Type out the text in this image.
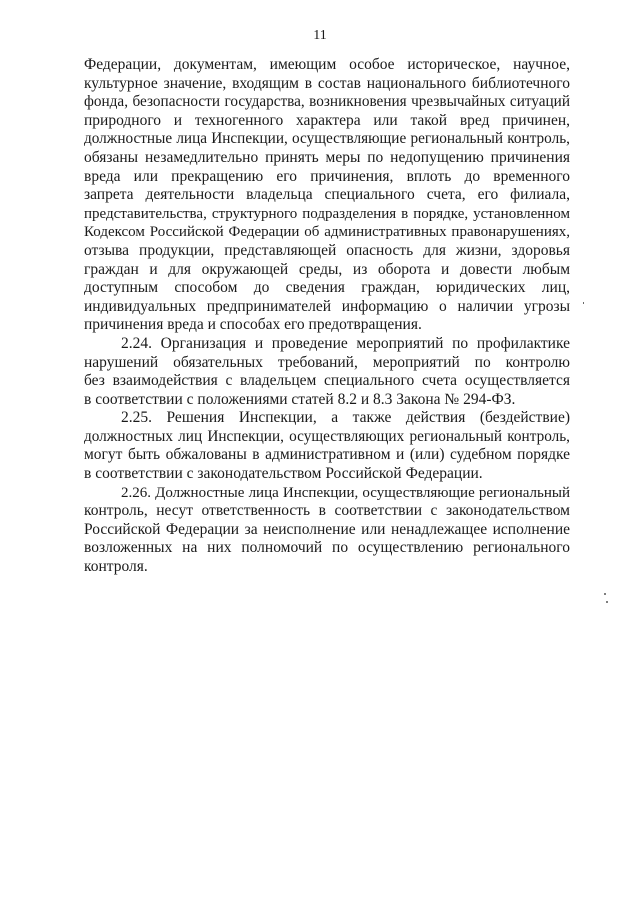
11
Федерации, документам, имеющим особое историческое, научное,
культурное значение, входящим в состав национального библиотечного
фонда, безопасности государства, возникновения чрезвычайных ситуаций
природного и техногенного характера или такой вред причинен,
должностные лица Инспекции, осуществляющие региональный контроль,
обязаны незамедлительно принять меры по недопущению причинения
вреда или прекращению его причинения, вплоть до временного
запрета деятельности владельца специального счета, его филиала,
представительства, структурного подразделения в порядке, установленном
Кодексом Российской Федерации об административных правонарушениях,
отзыва продукции, представляющей опасность для жизни, здоровья
граждан и для окружающей среды, из оборота и довести любым
доступным способом до сведения граждан, юридических лиц,
индивидуальных предпринимателей информацию о наличии угрозы
причинения вреда и способах его предотвращения.
2.24. Организация и проведение мероприятий по профилактике
нарушений обязательных требований, мероприятий по контролю
без взаимодействия с владельцем специального счета осуществляется
в соответствии с положениями статей 8.2 и 8.3 Закона № 294-ФЗ.
2.25. Решения Инспекции, а также действия (бездействие)
должностных лиц Инспекции, осуществляющих региональный контроль,
могут быть обжалованы в административном и (или) судебном порядке
в соответствии с законодательством Российской Федерации.
2.26. Должностные лица Инспекции, осуществляющие региональный
контроль, несут ответственность в соответствии с законодательством
Российской Федерации за неисполнение или ненадлежащее исполнение
возложенных на них полномочий по осуществлению регионального
контроля.
